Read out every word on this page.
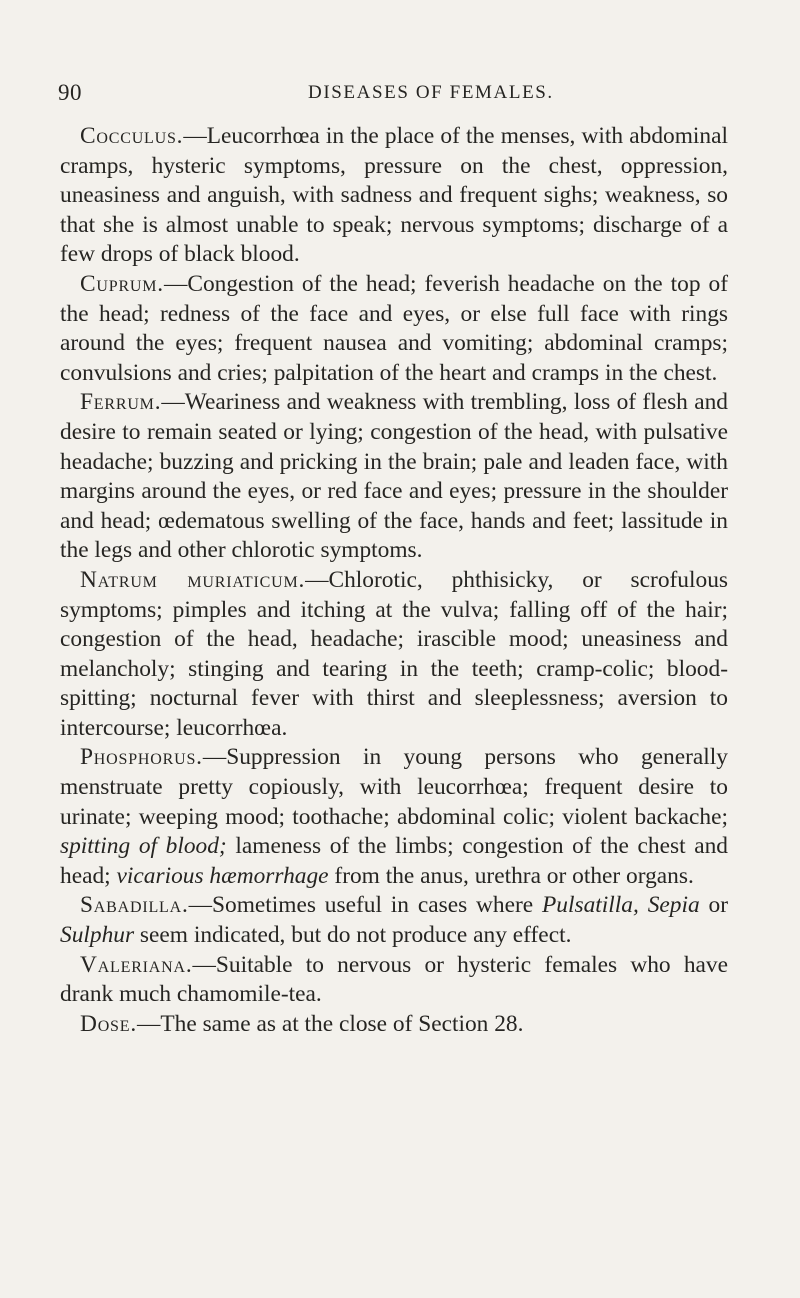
90	DISEASES OF FEMALES.

Cocculus.—Leucorrhœa in the place of the menses, with abdominal cramps, hysteric symptoms, pressure on the chest, oppression, uneasiness and anguish, with sadness and frequent sighs; weakness, so that she is almost unable to speak; nervous symptoms; discharge of a few drops of black blood.

Cuprum.—Congestion of the head; feverish headache on the top of the head; redness of the face and eyes, or else full face with rings around the eyes; frequent nausea and vomiting; abdominal cramps; convulsions and cries; palpitation of the heart and cramps in the chest.

Ferrum.—Weariness and weakness with trembling, loss of flesh and desire to remain seated or lying; congestion of the head, with pulsative headache; buzzing and pricking in the brain; pale and leaden face, with margins around the eyes, or red face and eyes; pressure in the shoulder and head; œdematous swelling of the face, hands and feet; lassitude in the legs and other chlorotic symptoms.

Natrum muriaticum.—Chlorotic, phthisicky, or scrofulous symptoms; pimples and itching at the vulva; falling off of the hair; congestion of the head, headache; irascible mood; uneasiness and melancholy; stinging and tearing in the teeth; cramp-colic; blood-spitting; nocturnal fever with thirst and sleeplessness; aversion to intercourse; leucorrhœa.

Phosphorus.—Suppression in young persons who generally menstruate pretty copiously, with leucorrhœa; frequent desire to urinate; weeping mood; toothache; abdominal colic; violent backache; spitting of blood; lameness of the limbs; congestion of the chest and head; vicarious hæmorrhage from the anus, urethra or other organs.

Sabadilla.—Sometimes useful in cases where Pulsatilla, Sepia or Sulphur seem indicated, but do not produce any effect.

Valeriana.—Suitable to nervous or hysteric females who have drank much chamomile-tea.

Dose.—The same as at the close of Section 28.
